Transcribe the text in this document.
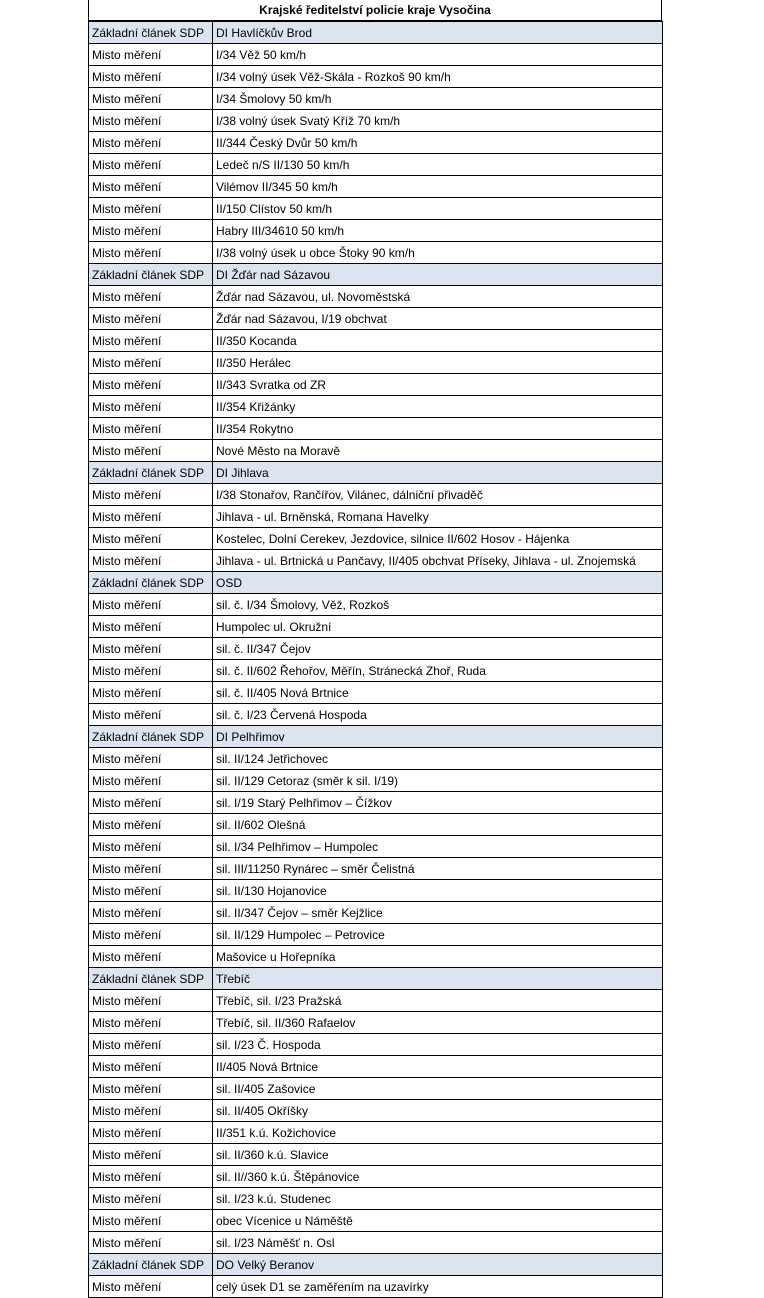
Krajské ředitelství policie kraje Vysočina
Základní článek SDP	DI Havlíčkův Brod
Misto měření	I/34 Věž 50 km/h
Misto měření	I/34 volný úsek Věž-Skála - Rozkoš 90 km/h
Misto měření	I/34 Šmolovy 50 km/h
Misto měření	I/38 volný úsek Svatý Kříž 70 km/h
Misto měření	II/344 Český Dvůr 50 km/h
Misto měření	Ledeč n/S II/130 50 km/h
Misto měření	Vilémov II/345 50 km/h
Misto měření	II/150 Clístov 50 km/h
Misto měření	Habry III/34610 50 km/h
Misto měření	I/38 volný úsek u obce Štoky 90 km/h
Základní článek SDP	DI Žďár nad Sázavou
Misto měření	Žďár nad Sázavou, ul. Novoměstská
Misto měření	Žďár nad Sázavou, I/19 obchvat
Misto měření	II/350 Kocanda
Misto měření	II/350 Herálec
Misto měření	II/343 Svratka od ZR
Misto měření	II/354 Křižánky
Misto měření	II/354 Rokytno
Misto měření	Nové Město na Moravě
Základní článek SDP	DI Jihlava
Misto měření	I/38 Stonařov, Rančířov, Vilánec, dálniční přivaděč
Misto měření	Jihlava - ul. Brněnská, Romana Havelky
Misto měření	Kostelec, Dolní Cerekev, Jezdovice, silnice II/602 Hosov - Hájenka
Misto měření	Jihlava - ul. Brtnická u Pančavy, II/405 obchvat Příseky, Jihlava - ul. Znojemská
Základní článek SDP	OSD
Misto měření	sil. č. I/34 Šmolovy, Věž, Rozkoš
Misto měření	Humpolec ul. Okružní
Misto měření	sil. č. II/347 Čejov
Misto měření	sil. č. II/602 Řehořov, Měřín, Stránecká Zhoř, Ruda
Misto měření	sil. č. II/405 Nová Brtnice
Misto měření	sil. č. I/23 Červená Hospoda
Základní článek SDP	DI Pelhřimov
Misto měření	sil. II/124 Jetřichovec
Misto měření	sil. II/129 Cetoraz (směr k sil. I/19)
Misto měření	sil. I/19 Starý Pelhřimov – Čížkov
Misto měření	sil. II/602 Olešná
Misto měření	sil. I/34 Pelhřimov – Humpolec
Misto měření	sil. III/11250 Rynárec – směr Čelistná
Misto měření	sil. II/130 Hojanovice
Misto měření	sil. II/347 Čejov – směr Kejžlice
Misto měření	sil. II/129 Humpolec – Petrovice
Misto měření	Mašovice u Hořepníka
Základní článek SDP	Třebíč
Misto měření	Třebíč, sil. I/23 Pražská
Misto měření	Třebíč, sil. II/360 Rafaelov
Misto měření	sil. I/23 Č. Hospoda
Misto měření	II/405 Nová Brtnice
Misto měření	sil. II/405 Zašovice
Misto měření	sil. II/405 Okříšky
Misto měření	II/351 k.ú. Kožichovice
Misto měření	sil. II/360 k.ú. Slavice
Misto měření	sil. II//360 k.ú. Štěpánovice
Misto měření	sil. I/23 k.ú. Studenec
Misto měření	obec Vícenice u Náměště
Misto měření	sil. I/23 Náměšť n. Osl
Základní článek SDP	DO Velký Beranov
Misto měření	celý úsek D1 se zaměřením na uzavírky
